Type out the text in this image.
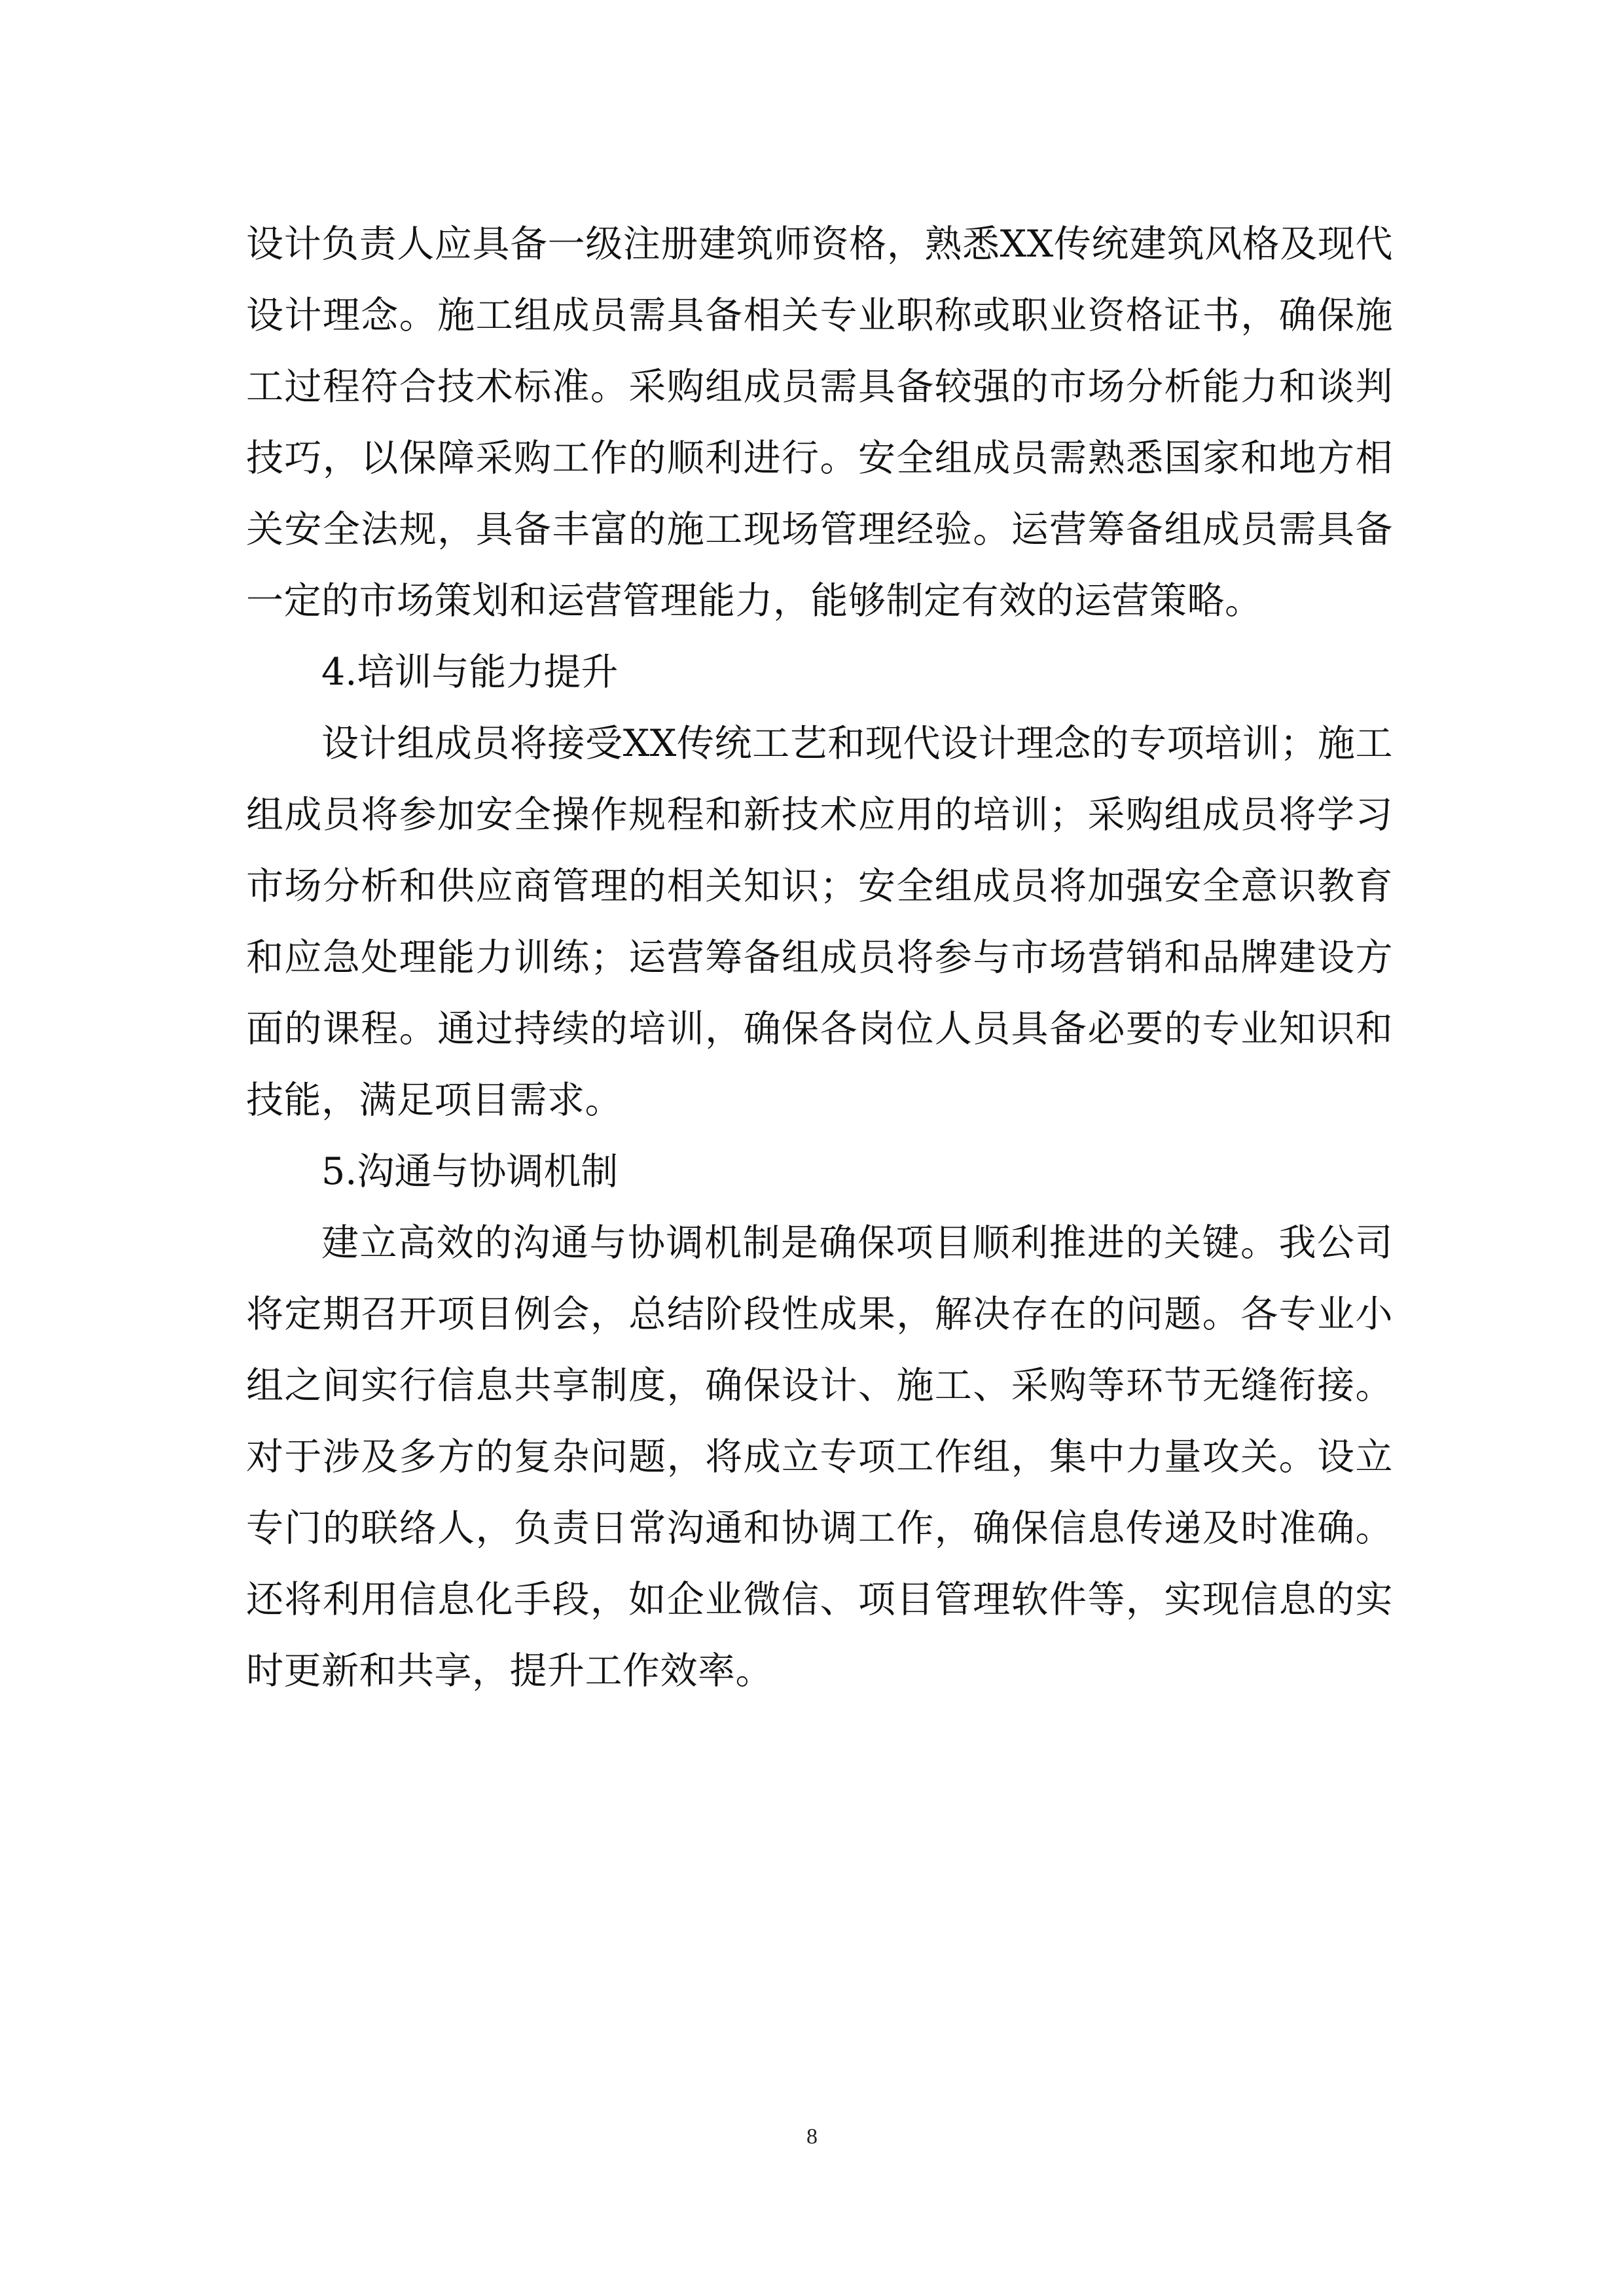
设计负责人应具备一级注册建筑师资格，熟悉XX传统建筑风格及现代设计理念。施工组成员需具备相关专业职称或职业资格证书，确保施工过程符合技术标准。采购组成员需具备较强的市场分析能力和谈判技巧，以保障采购工作的顺利进行。安全组成员需熟悉国家和地方相关安全法规，具备丰富的施工现场管理经验。运营筹备组成员需具备一定的市场策划和运营管理能力，能够制定有效的运营策略。

4.培训与能力提升

设计组成员将接受XX传统工艺和现代设计理念的专项培训；施工组成员将参加安全操作规程和新技术应用的培训；采购组成员将学习市场分析和供应商管理的相关知识；安全组成员将加强安全意识教育和应急处理能力训练；运营筹备组成员将参与市场营销和品牌建设方面的课程。通过持续的培训，确保各岗位人员具备必要的专业知识和技能，满足项目需求。

5.沟通与协调机制

建立高效的沟通与协调机制是确保项目顺利推进的关键。我公司将定期召开项目例会，总结阶段性成果，解决存在的问题。各专业小组之间实行信息共享制度，确保设计、施工、采购等环节无缝衔接。对于涉及多方的复杂问题，将成立专项工作组，集中力量攻关。设立专门的联络人，负责日常沟通和协调工作，确保信息传递及时准确。还将利用信息化手段，如企业微信、项目管理软件等，实现信息的实时更新和共享，提升工作效率。

8
